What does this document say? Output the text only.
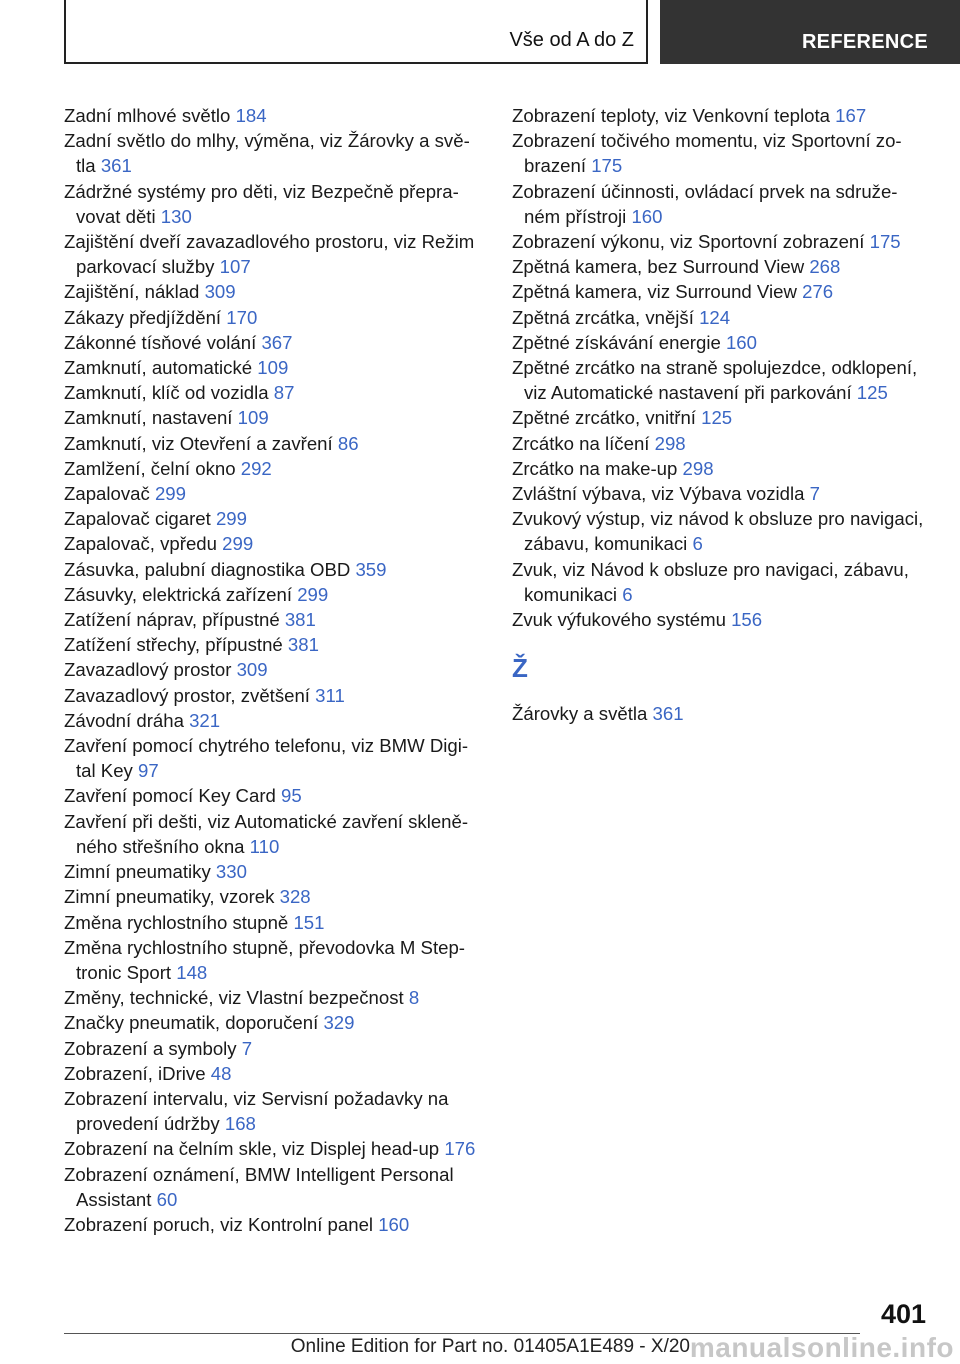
Vše od A do Z	REFERENCE
Zadní mlhové světlo 184
Zadní světlo do mlhy, výměna, viz Žárovky a svě-tla 361
Zádržné systémy pro děti, viz Bezpečně přepra-vovat děti 130
Zajištění dveří zavazadlového prostoru, viz Režim parkovací služby 107
Zajištění, náklad 309
Zákazy předjíždění 170
Zákonné tísňové volání 367
Zamknutí, automatické 109
Zamknutí, klíč od vozidla 87
Zamknutí, nastavení 109
Zamknutí, viz Otevření a zavření 86
Zamlžení, čelní okno 292
Zapalovač 299
Zapalovač cigaret 299
Zapalovač, vpředu 299
Zásuvka, palubní diagnostika OBD 359
Zásuvky, elektrická zařízení 299
Zatížení náprav, přípustné 381
Zatížení střechy, přípustné 381
Zavazadlový prostor 309
Zavazadlový prostor, zvětšení 311
Závodní dráha 321
Zavření pomocí chytrého telefonu, viz BMW Digi-tal Key 97
Zavření pomocí Key Card 95
Zavření při dešti, viz Automatické zavření skleně-ného střešního okna 110
Zimní pneumatiky 330
Zimní pneumatiky, vzorek 328
Změna rychlostního stupně 151
Změna rychlostního stupně, převodovka M Step-tronic Sport 148
Změny, technické, viz Vlastní bezpečnost 8
Značky pneumatik, doporučení 329
Zobrazení a symboly 7
Zobrazení, iDrive 48
Zobrazení intervalu, viz Servisní požadavky na provedení údržby 168
Zobrazení na čelním skle, viz Displej head-up 176
Zobrazení oznámení, BMW Intelligent Personal Assistant 60
Zobrazení poruch, viz Kontrolní panel 160
Zobrazení teploty, viz Venkovní teplota 167
Zobrazení točivého momentu, viz Sportovní zo-brazení 175
Zobrazení účinnosti, ovládací prvek na sdruže-ném přístroji 160
Zobrazení výkonu, viz Sportovní zobrazení 175
Zpětná kamera, bez Surround View 268
Zpětná kamera, viz Surround View 276
Zpětná zrcátka, vnější 124
Zpětné získávání energie 160
Zpětné zrcátko na straně spolujezdce, odklopení, viz Automatické nastavení při parkování 125
Zpětné zrcátko, vnitřní 125
Zrcátko na líčení 298
Zrcátko na make-up 298
Zvláštní výbava, viz Výbava vozidla 7
Zvukový výstup, viz návod k obsluze pro navigaci, zábavu, komunikaci 6
Zvuk, viz Návod k obsluze pro navigaci, zábavu, komunikaci 6
Zvuk výfukového systému 156
Ž
Žárovky a světla 361
401
Online Edition for Part no. 01405A1E489 - X/20 manualsonline.info
